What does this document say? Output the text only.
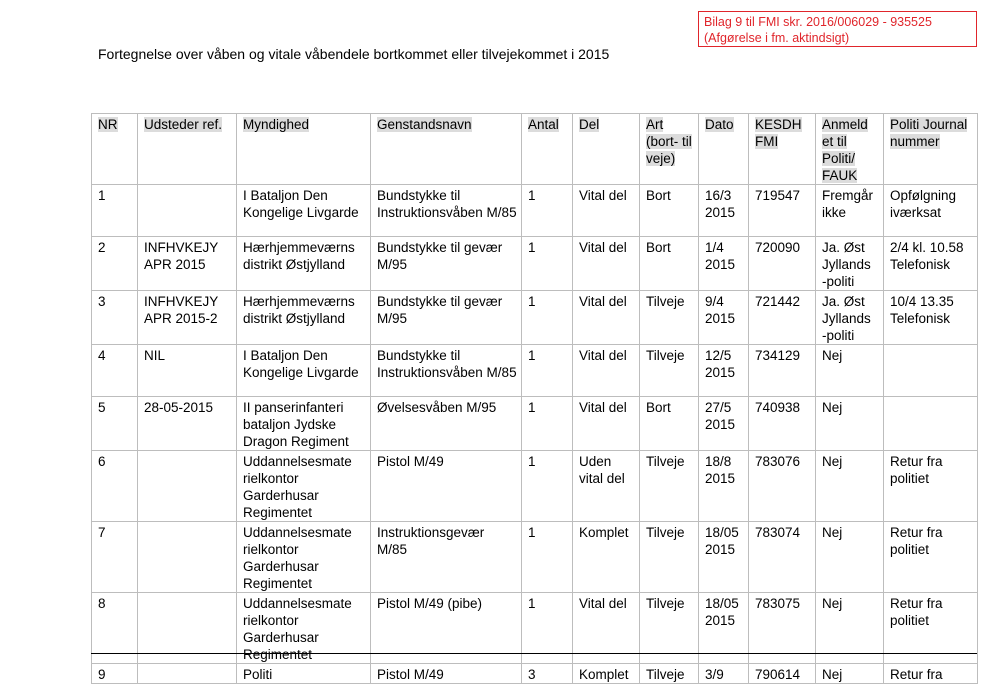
Bilag 9 til FMI skr. 2016/006029 - 935525
(Afgørelse i fm. aktindsigt)
Fortegnelse over våben og vitale våbendele bortkommet eller tilvejekommet i 2015
NR	Udsteder ref.	Myndighed	Genstandsnavn	Antal	Del	Art (bort- til veje)	Dato	KESDH FMI	Anmeld et til Politi/ FAUK	Politi Journal nummer
1		I Bataljon Den Kongelige Livgarde	Bundstykke til Instruktionsvåben M/85	1	Vital del	Bort	16/3 2015	719547	Fremgår ikke	Opfølgning iværksat
2	INFHVKEJY APR 2015	Hærhjemmeværns distrikt Østjylland	Bundstykke til gevær M/95	1	Vital del	Bort	1/4 2015	720090	Ja. Øst Jyllands -politi	2/4 kl. 10.58 Telefonisk
3	INFHVKEJY APR 2015-2	Hærhjemmeværns distrikt Østjylland	Bundstykke til gevær M/95	1	Vital del	Tilveje	9/4 2015	721442	Ja. Øst Jyllands -politi	10/4 13.35 Telefonisk
4	NIL	I Bataljon Den Kongelige Livgarde	Bundstykke til Instruktionsvåben M/85	1	Vital del	Tilveje	12/5 2015	734129	Nej	
5	28-05-2015	II panserinfanteri bataljon Jydske Dragon Regiment	Øvelsesvåben M/95	1	Vital del	Bort	27/5 2015	740938	Nej	
6		Uddannelsesmate rielkontor Garderhusar Regimentet	Pistol M/49	1	Uden vital del	Tilveje	18/8 2015	783076	Nej	Retur fra politiet
7		Uddannelsesmate rielkontor Garderhusar Regimentet	Instruktionsgevær M/85	1	Komplet	Tilveje	18/05 2015	783074	Nej	Retur fra politiet
8		Uddannelsesmate rielkontor Garderhusar Regimentet	Pistol M/49 (pibe)	1	Vital del	Tilveje	18/05 2015	783075	Nej	Retur fra politiet
9		Politi	Pistol M/49	3	Komplet	Tilveje	3/9	790614	Nej	Retur fra
